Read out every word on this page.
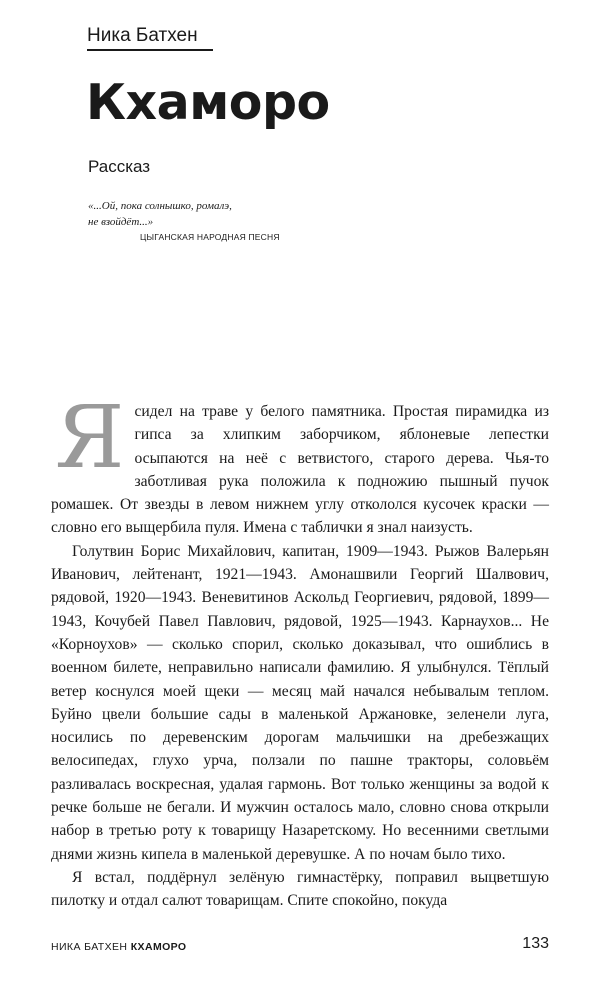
Ника Батхен
Кхаморо
Рассказ

«...Ой, пока солнышко, ромалэ,

не взойдёт...»

ЦЫГАНСКАЯ НАРОДНАЯ ПЕСНЯ

Я сидел на траве у белого памятника. Простая пирамидка из гипса за хлипким заборчиком, яблоневые лепестки осыпаются на неё с ветвистого, старого дерева. Чья-то заботливая рука положила к подножию пышный пучок ромашек. От звезды в левом нижнем углу откололся кусочек краски — словно его выщербила пуля. Имена с таблички я знал наизусть.

Голутвин Борис Михайлович, капитан, 1909—1943. Рыжов Валерьян Иванович, лейтенант, 1921—1943. Амонашвили Георгий Шалвович, рядовой, 1920—1943. Веневитинов Аскольд Георгиевич, рядовой, 1899—1943, Кочубей Павел Павлович, рядовой, 1925—1943. Карнаухов... Не «Корноухов» — сколько спорил, сколько доказывал, что ошиблись в военном билете, неправильно написали фамилию. Я улыбнулся. Тёплый ветер коснулся моей щеки — месяц май начался небывалым теплом. Буйно цвели большие сады в маленькой Аржановке, зеленели луга, носились по деревенским дорогам мальчишки на дребезжащих велосипедах, глухо урча, ползали по пашне тракторы, соловьём разливалась воскресная, удалая гармонь. Вот только женщины за водой к речке больше не бегали. И мужчин осталось мало, словно снова открыли набор в третью роту к товарищу Назаретскому. Но весенними светлыми днями жизнь кипела в маленькой деревушке. А по ночам было тихо.

Я встал, поддёрнул зелёную гимнастёрку, поправил выцветшую пилотку и отдал салют товарищам. Спите спокойно, покуда

НИКА БАТХЕН КХАМОРО	133
